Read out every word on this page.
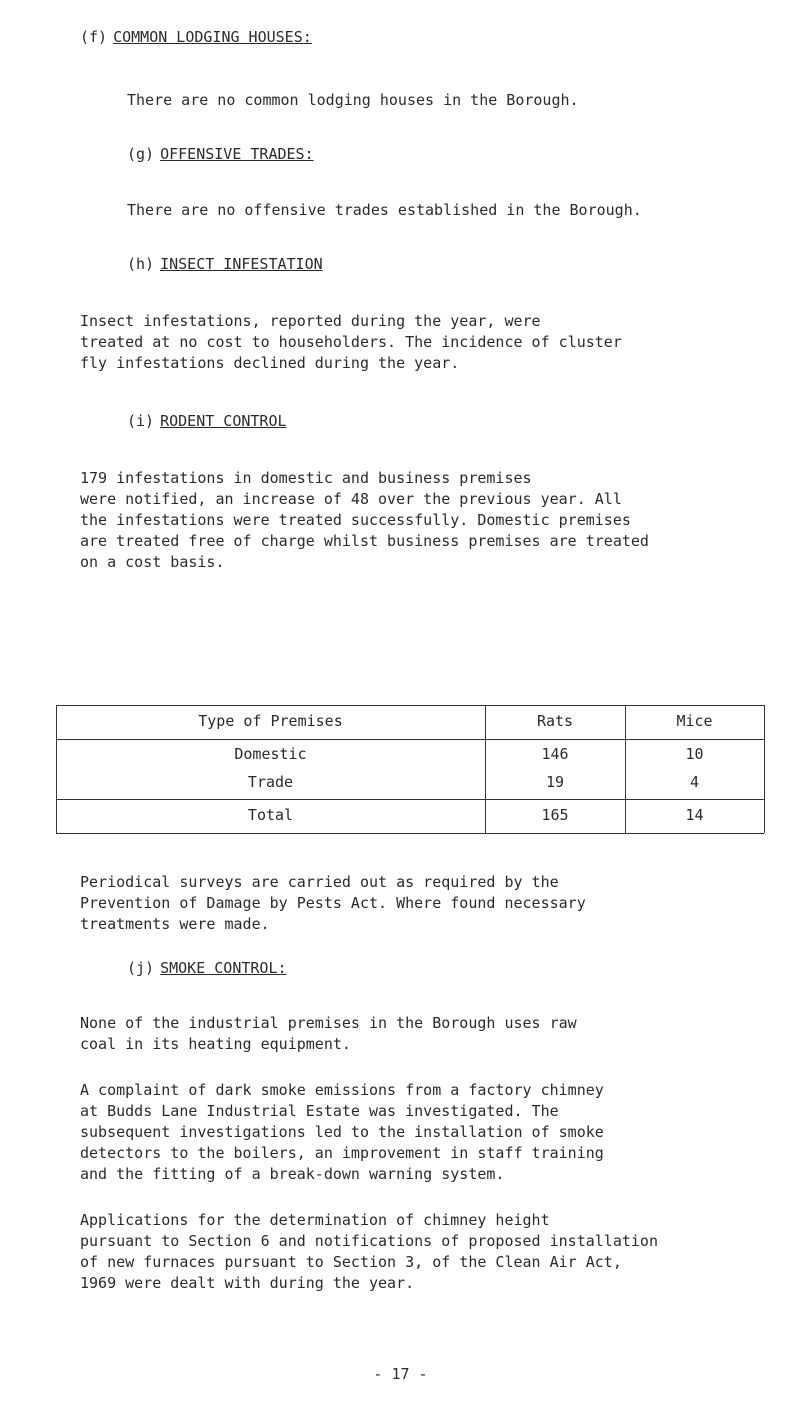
(f) COMMON LODGING HOUSES:
There are no common lodging houses in the Borough.
(g) OFFENSIVE TRADES:
There are no offensive trades established in the Borough.
(h) INSECT INFESTATION
Insect infestations, reported during the year, were
treated at no cost to householders. The incidence of cluster
fly infestations declined during the year.
(i) RODENT CONTROL
179 infestations in domestic and business premises
were notified, an increase of 48 over the previous year. All
the infestations were treated successfully. Domestic premises
are treated free of charge whilst business premises are treated
on a cost basis.
Type of Premises	Rats	Mice
Domestic	146	10
Trade	19	4
Total	165	14
Periodical surveys are carried out as required by the
Prevention of Damage by Pests Act. Where found necessary
treatments were made.
(j) SMOKE CONTROL:
None of the industrial premises in the Borough uses raw
coal in its heating equipment.
A complaint of dark smoke emissions from a factory chimney
at Budds Lane Industrial Estate was investigated. The
subsequent investigations led to the installation of smoke
detectors to the boilers, an improvement in staff training
and the fitting of a break-down warning system.
Applications for the determination of chimney height
pursuant to Section 6 and notifications of proposed installation
of new furnaces pursuant to Section 3, of the Clean Air Act,
1969 were dealt with during the year.
- 17 -
